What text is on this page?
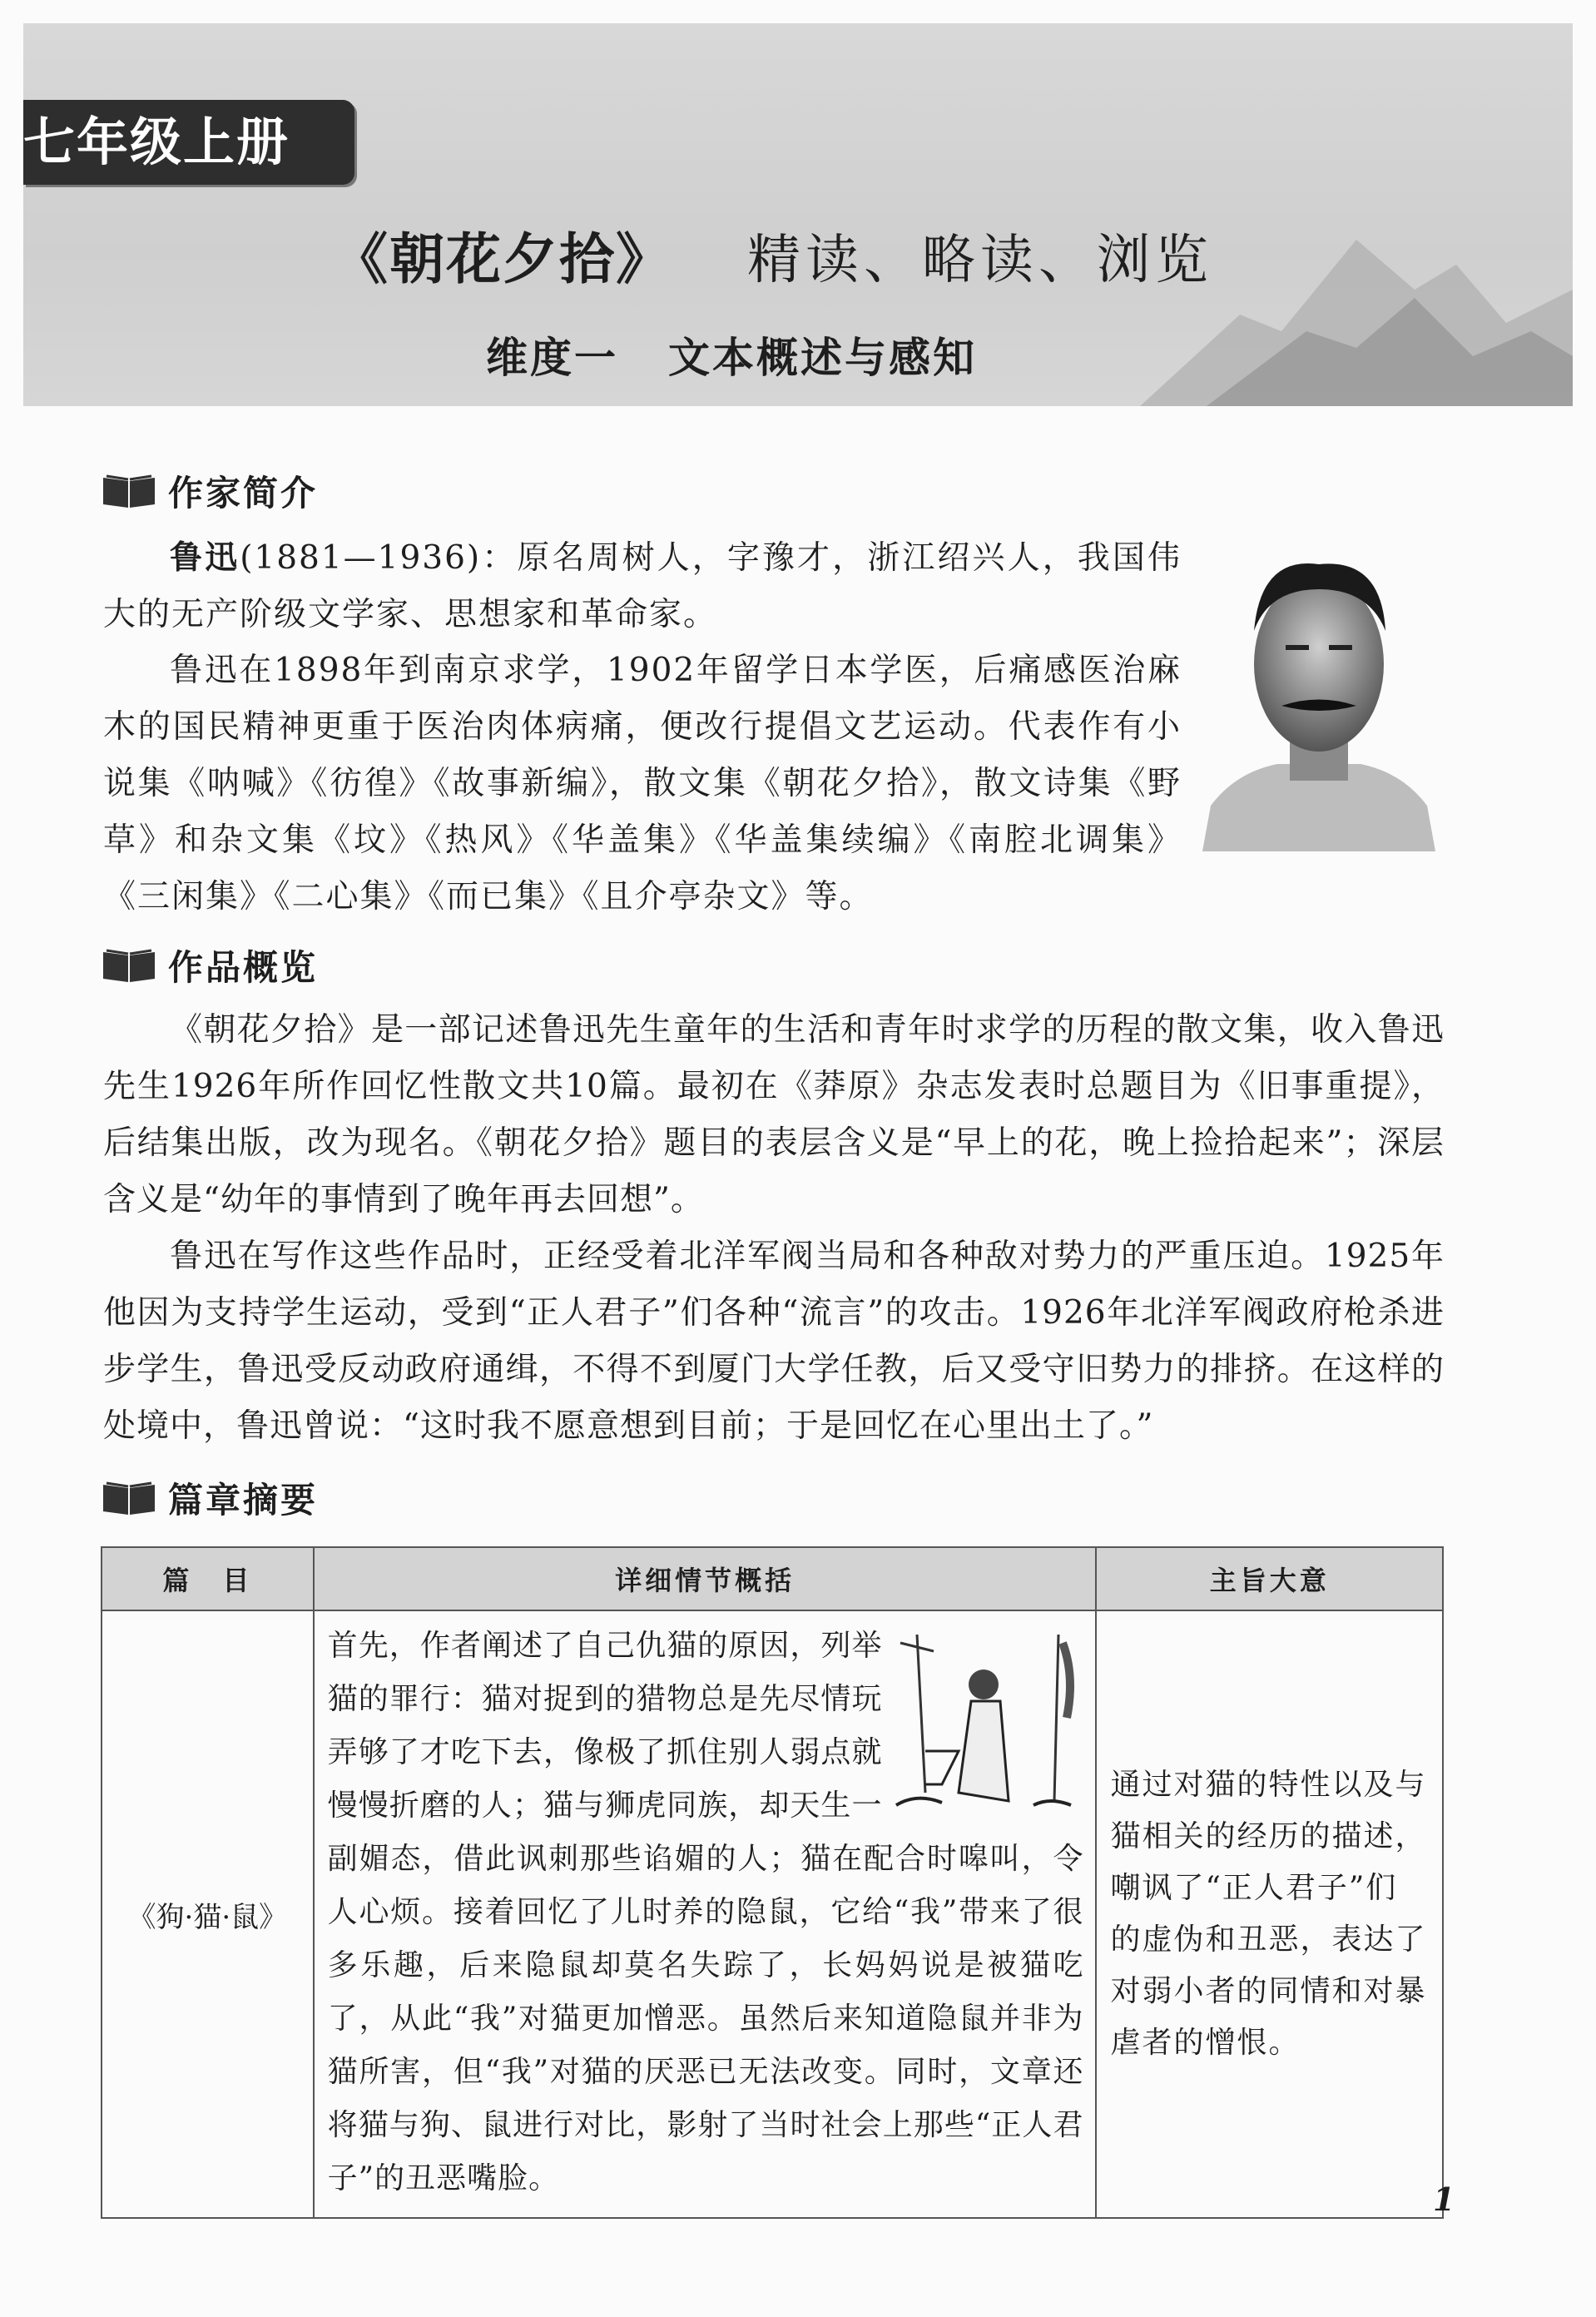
七年级上册
《朝花夕拾》 精读、略读、浏览
维度一 文本概述与感知
作家简介
鲁迅(1881—1936)：原名周树人，字豫才，浙江绍兴人，我国伟大的无产阶级文学家、思想家和革命家。
鲁迅在1898年到南京求学，1902年留学日本学医，后痛感医治麻木的国民精神更重于医治肉体病痛，便改行提倡文艺运动。代表作有小说集《呐喊》《彷徨》《故事新编》，散文集《朝花夕拾》，散文诗集《野草》和杂文集《坟》《热风》《华盖集》《华盖集续编》《南腔北调集》《三闲集》《二心集》《而已集》《且介亭杂文》等。
作品概览
《朝花夕拾》是一部记述鲁迅先生童年的生活和青年时求学的历程的散文集，收入鲁迅先生1926年所作回忆性散文共10篇。最初在《莽原》杂志发表时总题目为《旧事重提》，后结集出版，改为现名。《朝花夕拾》题目的表层含义是“早上的花，晚上捡拾起来”；深层含义是“幼年的事情到了晚年再去回想”。
鲁迅在写作这些作品时，正经受着北洋军阀当局和各种敌对势力的严重压迫。1925年他因为支持学生运动，受到“正人君子”们各种“流言”的攻击。1926年北洋军阀政府枪杀进步学生，鲁迅受反动政府通缉，不得不到厦门大学任教，后又受守旧势力的排挤。在这样的处境中，鲁迅曾说：“这时我不愿意想到目前；于是回忆在心里出土了。”
篇章摘要
篇　目	详细情节概括	主旨大意
《狗·猫·鼠》	首先，作者阐述了自己仇猫的原因，列举猫的罪行：猫对捉到的猎物总是先尽情玩弄够了才吃下去，像极了抓住别人弱点就慢慢折磨的人；猫与狮虎同族，却天生一副媚态，借此讽刺那些谄媚的人；猫在配合时嗥叫，令人心烦。接着回忆了儿时养的隐鼠，它给“我”带来了很多乐趣，后来隐鼠却莫名失踪了，长妈妈说是被猫吃了，从此“我”对猫更加憎恶。虽然后来知道隐鼠并非为猫所害，但“我”对猫的厌恶已无法改变。同时，文章还将猫与狗、鼠进行对比，影射了当时社会上那些“正人君子”的丑恶嘴脸。	通过对猫的特性以及与猫相关的经历的描述，嘲讽了“正人君子”们的虚伪和丑恶，表达了对弱小者的同情和对暴虐者的憎恨。
1
